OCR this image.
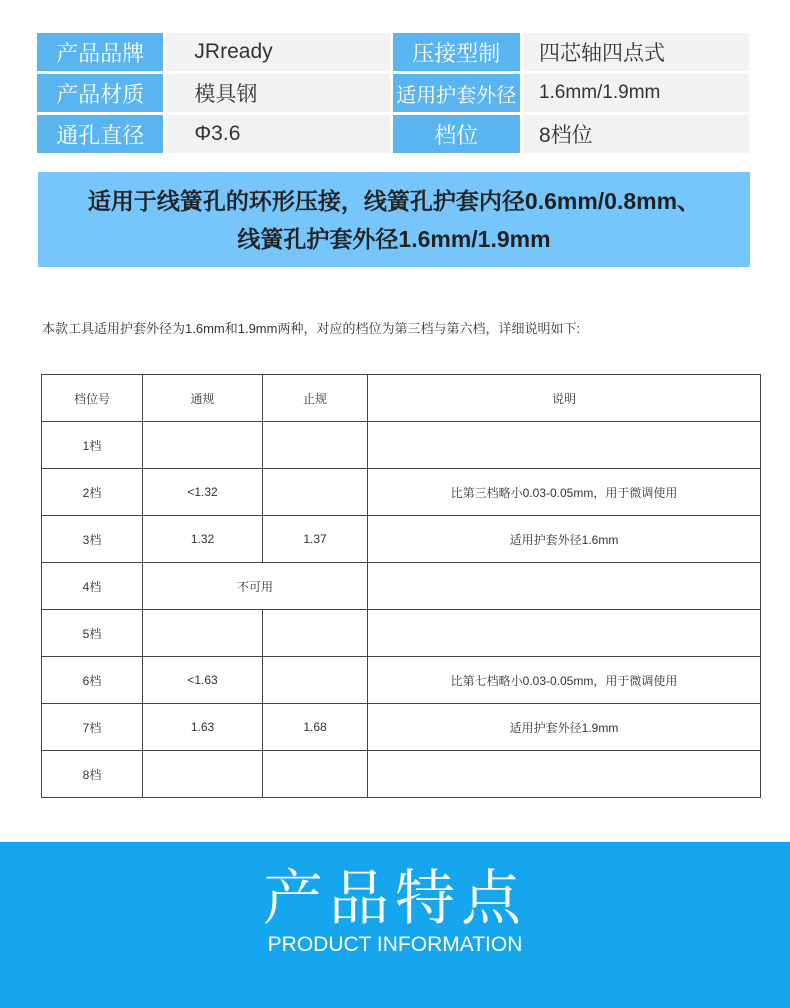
产品品牌	JRready	压接型制	四芯轴四点式
产品材质	模具钢	适用护套外径	1.6mm/1.9mm
通孔直径	Φ3.6	档位	8档位
适用于线簧孔的环形压接，线簧孔护套内径0.6mm/0.8mm、
线簧孔护套外径1.6mm/1.9mm
本款工具适用护套外径为1.6mm和1.9mm两种，对应的档位为第三档与第六档，详细说明如下:
档位号	通规	止规	说明
1档			
2档	<1.32		比第三档略小0.03-0.05mm，用于微调使用
3档	1.32	1.37	适用护套外径1.6mm
4档	不可用		
5档			
6档	<1.63		比第七档略小0.03-0.05mm，用于微调使用
7档	1.63	1.68	适用护套外径1.9mm
8档			
产品特点
PRODUCT INFORMATION
